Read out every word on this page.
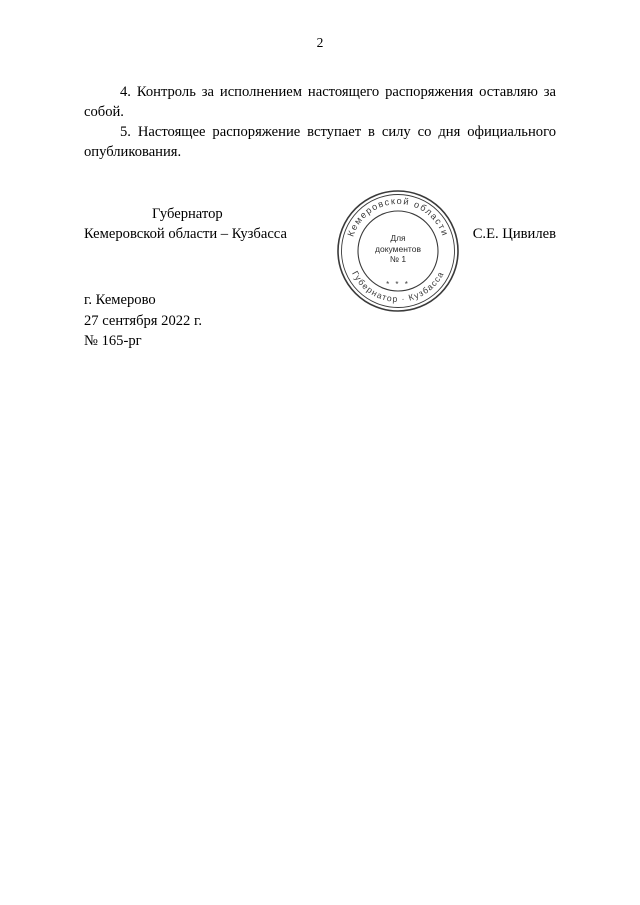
2

4. Контроль за исполнением настоящего распоряжения оставляю за собой.

5. Настоящее распоряжение вступает в силу со дня официального опубликования.

Губернатор
Кемеровской области – Кузбасса	С.Е. Цивилев
Кемеровской области
Губернатор · Кузбасса
* * *
Для
документов
№ 1
г. Кемерово
27 сентября 2022 г.
№ 165-рг
